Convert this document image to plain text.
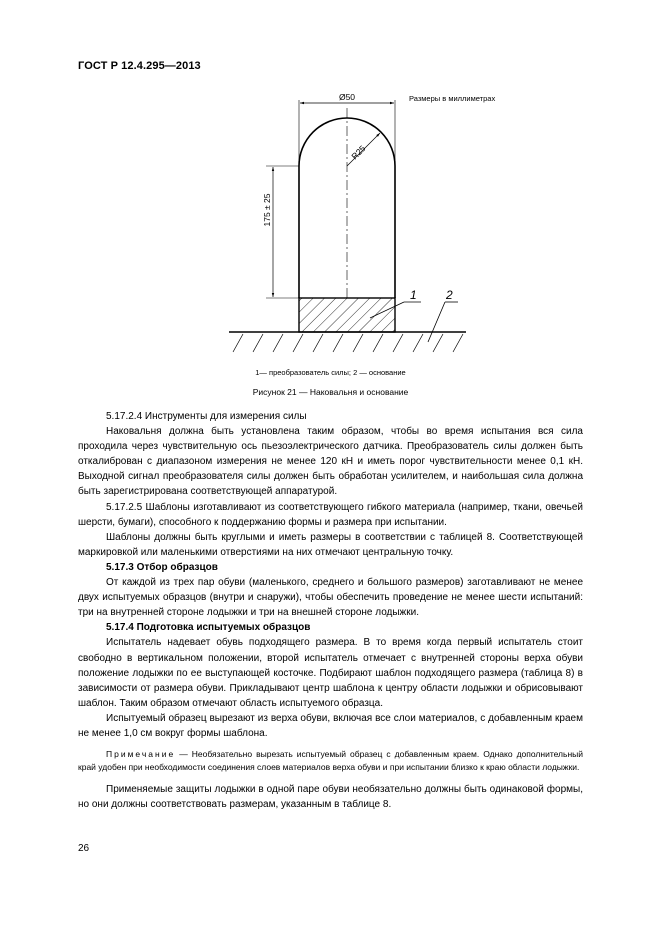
ГОСТ Р 12.4.295—2013
Размеры в миллиметрах
Ø50
R25
175 ± 25
1 2
1— преобразователь силы; 2 — основание
Рисунок 21 — Наковальня и основание
5.17.2.4 Инструменты для измерения силы
Наковальня должна быть установлена таким образом, чтобы во время испытания вся сила проходила через чувствительную ось пьезоэлектрического датчика. Преобразователь силы должен быть откалиброван с диапазоном измерения не менее 120 кН и иметь порог чувствительности менее 0,1 кН. Выходной сигнал преобразователя силы должен быть обработан усилителем, и наибольшая сила должна быть зарегистрирована соответствующей аппаратурой.
5.17.2.5 Шаблоны изготавливают из соответствующего гибкого материала (например, ткани, овечьей шерсти, бумаги), способного к поддержанию формы и размера при испытании.
Шаблоны должны быть круглыми и иметь размеры в соответствии с таблицей 8. Соответствующей маркировкой или маленькими отверстиями на них отмечают центральную точку.
5.17.3 Отбор образцов
От каждой из трех пар обуви (маленького, среднего и большого размеров) заготавливают не менее двух испытуемых образцов (внутри и снаружи), чтобы обеспечить проведение не менее шести испытаний: три на внутренней стороне лодыжки и три на внешней стороне лодыжки.
5.17.4 Подготовка испытуемых образцов
Испытатель надевает обувь подходящего размера. В то время когда первый испытатель стоит свободно в вертикальном положении, второй испытатель отмечает с внутренней стороны верха обуви положение лодыжки по ее выступающей косточке. Подбирают шаблон подходящего размера (таблица 8) в зависимости от размера обуви. Прикладывают центр шаблона к центру области лодыжки и обрисовывают шаблон. Таким образом отмечают область испытуемого образца.
Испытуемый образец вырезают из верха обуви, включая все слои материалов, с добавленным краем не менее 1,0 см вокруг формы шаблона.
Примечание — Необязательно вырезать испытуемый образец с добавленным краем. Однако дополнительный край удобен при необходимости соединения слоев материалов верха обуви и при испытании близко к краю области лодыжки.
Применяемые защиты лодыжки в одной паре обуви необязательно должны быть одинаковой формы, но они должны соответствовать размерам, указанным в таблице 8.
26
